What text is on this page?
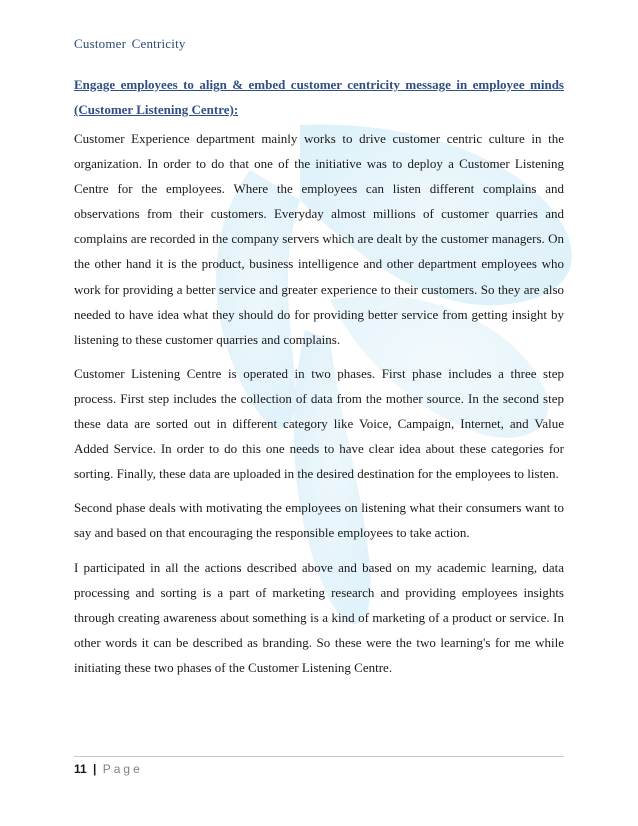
Customer Centricity
Engage employees to align & embed customer centricity message in employee minds
(Customer Listening Centre):

Customer Experience department mainly works to drive customer centric culture in the organization. In order to do that one of the initiative was to deploy a Customer Listening Centre for the employees. Where the employees can listen different complains and observations from their customers. Everyday almost millions of customer quarries and complains are recorded in the company servers which are dealt by the customer managers. On the other hand it is the product, business intelligence and other department employees who work for providing a better service and greater experience to their customers. So they are also needed to have idea what they should do for providing better service from getting insight by listening to these customer quarries and complains.

Customer Listening Centre is operated in two phases. First phase includes a three step process. First step includes the collection of data from the mother source. In the second step these data are sorted out in different category like Voice, Campaign, Internet, and Value Added Service. In order to do this one needs to have clear idea about these categories for sorting. Finally, these data are uploaded in the desired destination for the employees to listen.

Second phase deals with motivating the employees on listening what their consumers want to say and based on that encouraging the responsible employees to take action.

I participated in all the actions described above and based on my academic learning, data processing and sorting is a part of marketing research and providing employees insights through creating awareness about something is a kind of marketing of a product or service. In other words it can be described as branding. So these were the two learning's for me while initiating these two phases of the Customer Listening Centre.

11 | Page
